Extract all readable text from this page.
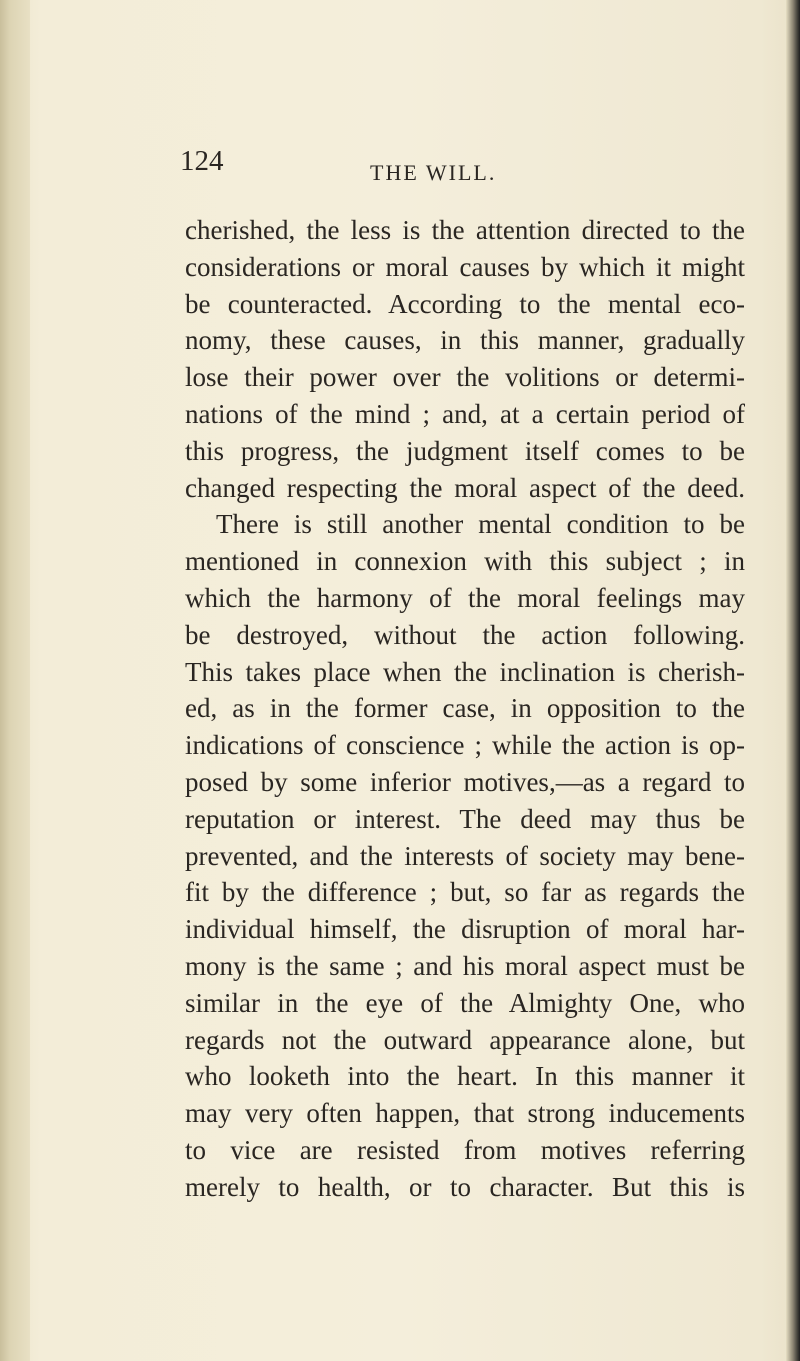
124	THE WILL.
cherished, the less is the attention directed to the
considerations or moral causes by which it might
be counteracted. According to the mental eco-
nomy, these causes, in this manner, gradually
lose their power over the volitions or determi-
nations of the mind ; and, at a certain period of
this progress, the judgment itself comes to be
changed respecting the moral aspect of the deed.
There is still another mental condition to be
mentioned in connexion with this subject ; in
which the harmony of the moral feelings may
be destroyed, without the action following.
This takes place when the inclination is cherish-
ed, as in the former case, in opposition to the
indications of conscience ; while the action is op-
posed by some inferior motives,—as a regard to
reputation or interest. The deed may thus be
prevented, and the interests of society may bene-
fit by the difference ; but, so far as regards the
individual himself, the disruption of moral har-
mony is the same ; and his moral aspect must be
similar in the eye of the Almighty One, who
regards not the outward appearance alone, but
who looketh into the heart. In this manner it
may very often happen, that strong inducements
to vice are resisted from motives referring
merely to health, or to character. But this is
